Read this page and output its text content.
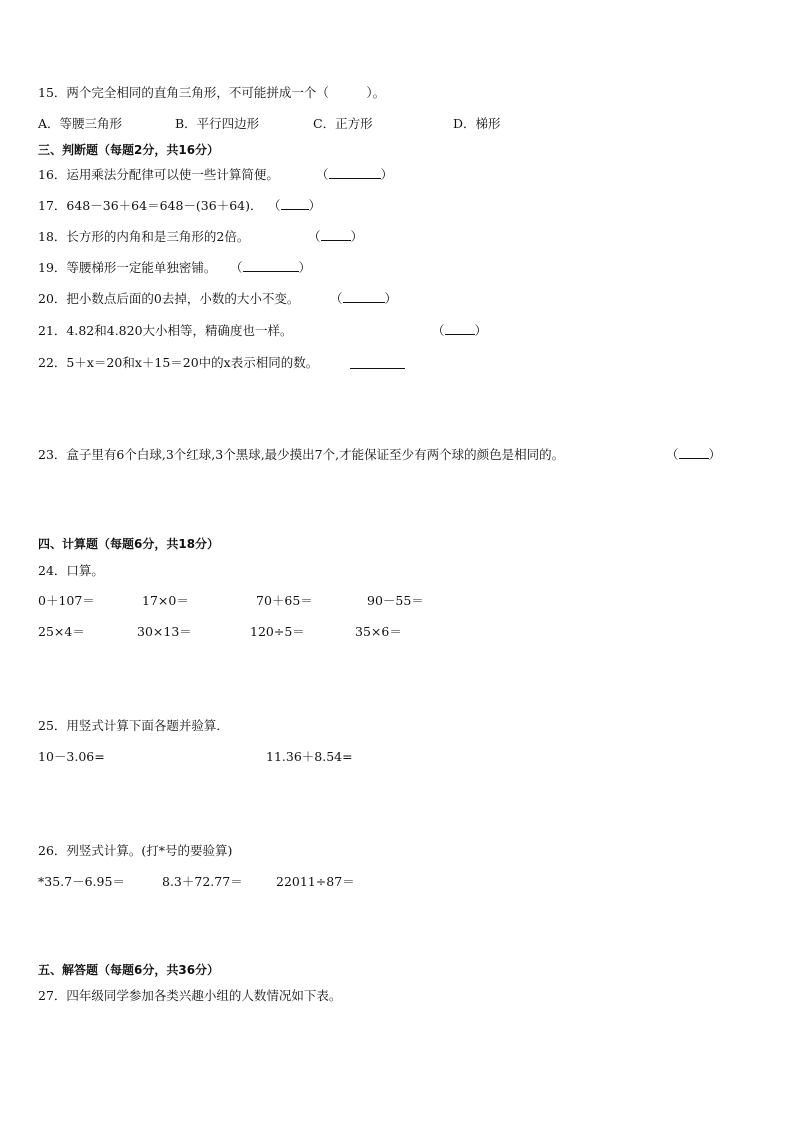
15．两个完全相同的直角三角形，不可能拼成一个（　　　）。
A．等腰三角形	B．平行四边形	C．正方形	D．梯形
三、判断题（每题2分，共16分）
16．运用乘法分配律可以使一些计算简便。	（	）
17．648－36＋64＝648－(36＋64)． （ ）
18．长方形的内角和是三角形的2倍。	（ ）
19．等腰梯形一定能单独密铺。 （	）
20．把小数点后面的0去掉，小数的大小不变。 （	）
21．4.82和4.820大小相等，精确度也一样。	（ ）
22．5＋x＝20和x＋15＝20中的x表示相同的数。
23．盒子里有6个白球,3个红球,3个黑球,最少摸出7个,才能保证至少有两个球的颜色是相同的。	（ ）
四、计算题（每题6分，共18分）
24．口算。
0＋107＝	17×0＝	70＋65＝	90－55＝
25×4＝	30×13＝	120÷5＝	35×6＝
25．用竖式计算下面各题并验算．
10－3.06=	11.36＋8.54=
26．列竖式计算。(打*号的要验算)
*35.7－6.95＝	8.3＋72.77＝	22011÷87＝
五、解答题（每题6分，共36分）
27．四年级同学参加各类兴趣小组的人数情况如下表。
